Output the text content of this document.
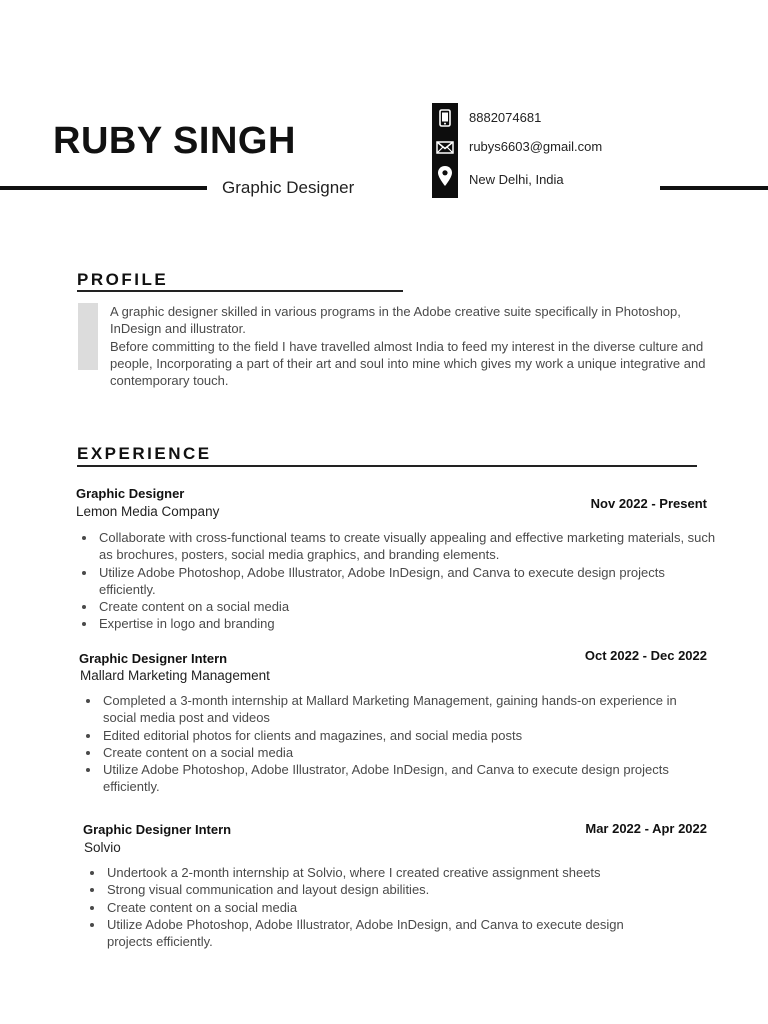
RUBY SINGH
Graphic Designer
8882074681
rubys6603@gmail.com
New Delhi, India
PROFILE

A graphic designer skilled in various programs in the Adobe creative suite specifically in Photoshop, InDesign and illustrator.

Before committing to the field I have travelled almost India to feed my interest in the diverse culture and people, Incorporating a part of their art and soul into mine which gives my work a unique integrative and contemporary touch.

EXPERIENCE
Graphic Designer
Lemon Media Company
Nov 2022 - Present
Collaborate with cross-functional teams to create visually appealing and effective marketing materials, such as brochures, posters, social media graphics, and branding elements.
Utilize Adobe Photoshop, Adobe Illustrator, Adobe InDesign, and Canva to execute design projects efficiently.
Create content on a social media
Expertise in logo and branding
Graphic Designer Intern
Mallard Marketing Management
Oct 2022 - Dec 2022
Completed a 3-month internship at Mallard Marketing Management, gaining hands-on experience in social media post and videos
Edited editorial photos for clients and magazines, and social media posts
Create content on a social media
Utilize Adobe Photoshop, Adobe Illustrator, Adobe InDesign, and Canva to execute design projects efficiently.
Graphic Designer Intern
Solvio
Mar 2022 - Apr 2022
Undertook a 2-month internship at Solvio, where I created creative assignment sheets
Strong visual communication and layout design abilities.
Create content on a social media
Utilize Adobe Photoshop, Adobe Illustrator, Adobe InDesign, and Canva to execute design projects efficiently.
